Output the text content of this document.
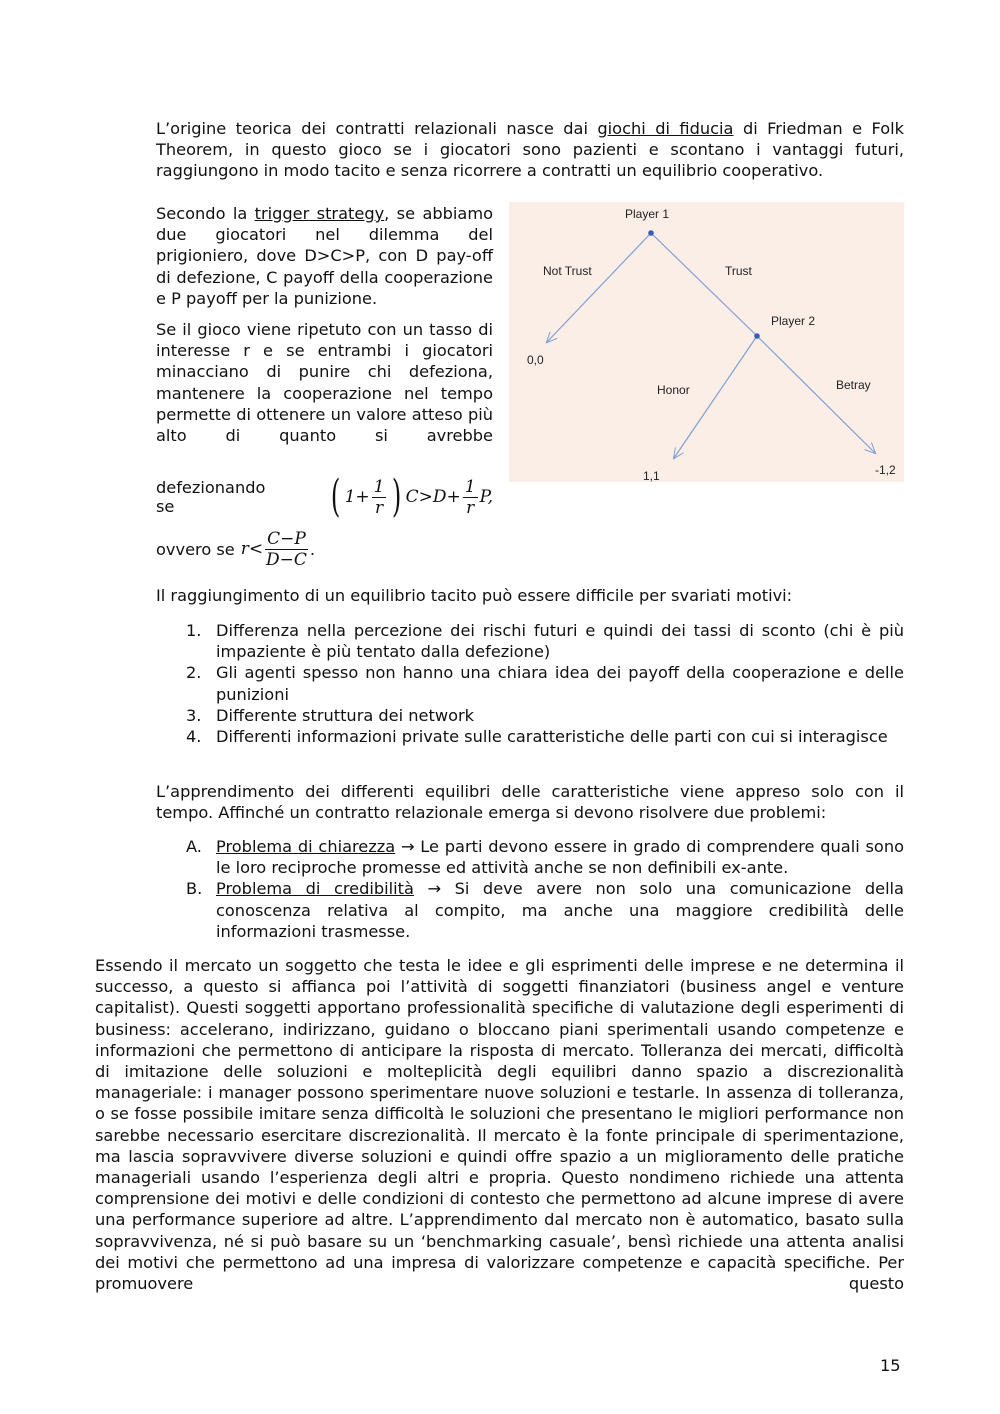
L’origine teorica dei contratti relazionali nasce dai giochi di fiducia di Friedman e Folk Theorem, in questo gioco se i giocatori sono pazienti e scontano i vantaggi futuri, raggiungono in modo tacito e senza ricorrere a contratti un equilibrio cooperativo.

Secondo la trigger strategy, se abbiamo due giocatori nel dilemma del prigioniero, dove D>C>P, con D pay-off di defezione, C payoff della cooperazione e P payoff per la punizione.

Se il gioco viene ripetuto con un tasso di interesse r e se entrambi i giocatori minacciano di punire chi defeziona, mantenere la cooperazione nel tempo permette di ottenere un valore atteso più alto di quanto si avrebbe

defezionando se	( $1+ \frac{1}{r}$ ) $C>D+ \frac{1}{r} P$,
ovvero se $r< \frac{C-P}{D-C}$ .
Player 1
Player 2
Not Trust	Trust
Honor	Betray
0,0
1,1	-1,2

Il raggiungimento di un equilibrio tacito può essere difficile per svariati motivi:

1. Differenza nella percezione dei rischi futuri e quindi dei tassi di sconto (chi è più impaziente è più tentato dalla defezione)
2. Gli agenti spesso non hanno una chiara idea dei payoff della cooperazione e delle punizioni
3. Differente struttura dei network
4. Differenti informazioni private sulle caratteristiche delle parti con cui si interagisce

L’apprendimento dei differenti equilibri delle caratteristiche viene appreso solo con il tempo. Affinché un contratto relazionale emerga si devono risolvere due problemi:

A. Problema di chiarezza → Le parti devono essere in grado di comprendere quali sono le loro reciproche promesse ed attività anche se non definibili ex-ante.
B. Problema di credibilità → Si deve avere non solo una comunicazione della conoscenza relativa al compito, ma anche una maggiore credibilità delle informazioni trasmesse.

Essendo il mercato un soggetto che testa le idee e gli esprimenti delle imprese e ne determina il successo, a questo si affianca poi l’attività di soggetti finanziatori (business angel e venture capitalist). Questi soggetti apportano professionalità specifiche di valutazione degli esperimenti di business: accelerano, indirizzano, guidano o bloccano piani sperimentali usando competenze e informazioni che permettono di anticipare la risposta di mercato. Tolleranza dei mercati, difficoltà di imitazione delle soluzioni e molteplicità degli equilibri danno spazio a discrezionalità manageriale: i manager possono sperimentare nuove soluzioni e testarle. In assenza di tolleranza, o se fosse possibile imitare senza difficoltà le soluzioni che presentano le migliori performance non sarebbe necessario esercitare discrezionalità. Il mercato è la fonte principale di sperimentazione, ma lascia sopravvivere diverse soluzioni e quindi offre spazio a un miglioramento delle pratiche manageriali usando l’esperienza degli altri e propria. Questo nondimeno richiede una attenta comprensione dei motivi e delle condizioni di contesto che permettono ad alcune imprese di avere una performance superiore ad altre. L’apprendimento dal mercato non è automatico, basato sulla sopravvivenza, né si può basare su un ‘benchmarking casuale’, bensì richiede una attenta analisi dei motivi che permettono ad una impresa di valorizzare competenze e capacità specifiche. Per promuovere questo

15
